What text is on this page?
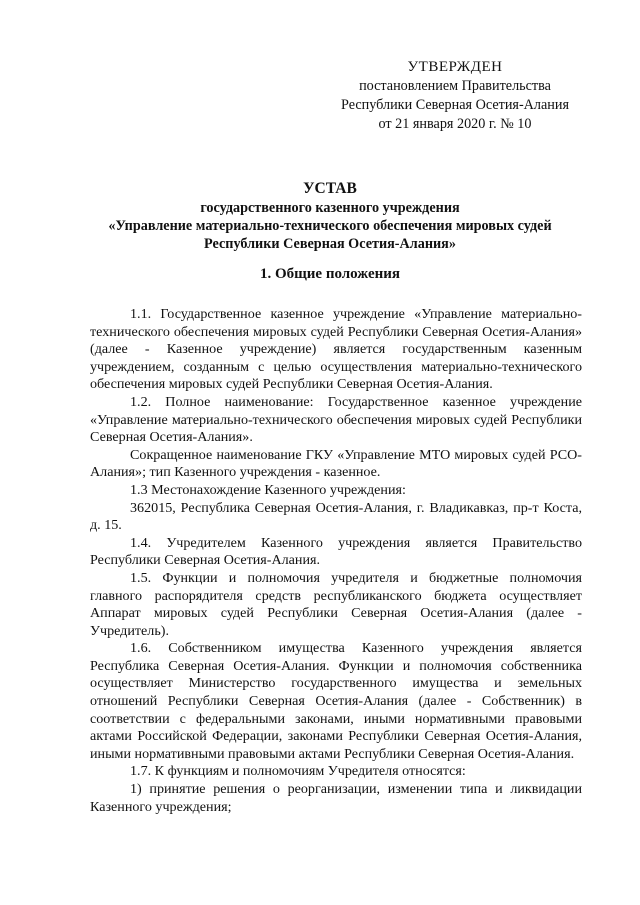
УТВЕРЖДЕН
постановлением Правительства
Республики Северная Осетия-Алания
от 21 января 2020 г. № 10
УСТАВ
государственного казенного учреждения
«Управление материально-технического обеспечения мировых судей
Республики Северная Осетия-Алания»
1. Общие положения

1.1. Государственное казенное учреждение «Управление материально-технического обеспечения мировых судей Республики Северная Осетия-Алания» (далее - Казенное учреждение) является государственным казенным учреждением, созданным с целью осуществления материально-технического обеспечения мировых судей Республики Северная Осетия-Алания.

1.2. Полное наименование: Государственное казенное учреждение «Управление материально-технического обеспечения мировых судей Республики Северная Осетия-Алания».

Сокращенное наименование ГКУ «Управление МТО мировых судей РСО-Алания»; тип Казенного учреждения - казенное.

1.3 Местонахождение Казенного учреждения:

362015, Республика Северная Осетия-Алания, г. Владикавказ, пр-т Коста, д. 15.

1.4. Учредителем Казенного учреждения является Правительство Республики Северная Осетия-Алания.

1.5. Функции и полномочия учредителя и бюджетные полномочия главного распорядителя средств республиканского бюджета осуществляет Аппарат мировых судей Республики Северная Осетия-Алания (далее - Учредитель).

1.6. Собственником имущества Казенного учреждения является Республика Северная Осетия-Алания. Функции и полномочия собственника осуществляет Министерство государственного имущества и земельных отношений Республики Северная Осетия-Алания (далее - Собственник) в соответствии с федеральными законами, иными нормативными правовыми актами Российской Федерации, законами Республики Северная Осетия-Алания, иными нормативными правовыми актами Республики Северная Осетия-Алания.

1.7. К функциям и полномочиям Учредителя относятся:

1) принятие решения о реорганизации, изменении типа и ликвидации Казенного учреждения;
